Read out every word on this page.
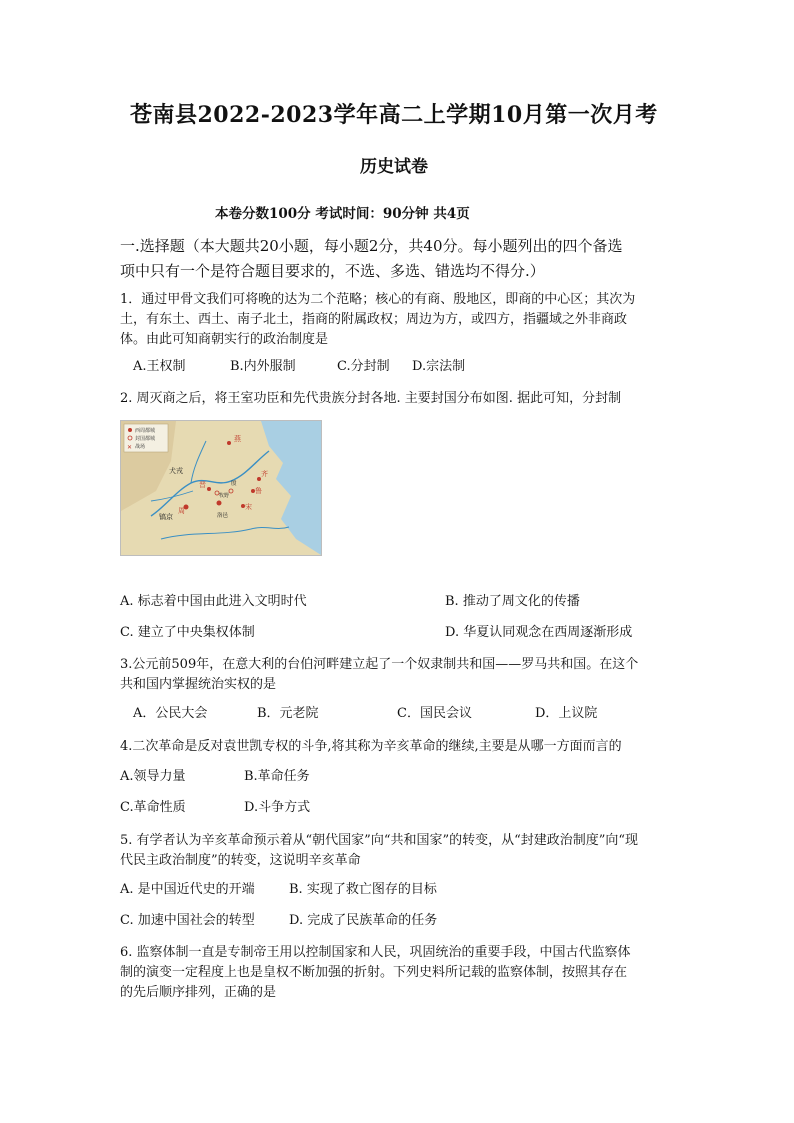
苍南县2022-2023学年高二上学期10月第一次月考
历史试卷
本卷分数100分 考试时间：90分钟 共4页
一.选择题（本大题共20小题，每小题2分，共40分。每小题列出的四个备选
项中只有一个是符合题目要求的，不选、多选、错选均不得分.）
1．通过甲骨文我们可将晚的达为二个范略；核心的有商、殷地区，即商的中心区；其次为
土，有东土、西土、南子北土，指商的附属政权；周边为方，或四方，指疆域之外非商政
体。由此可知商朝实行的政治制度是
A.王权制	B.内外服制	C.分封制 D.宗法制
2. 周灭商之后，将王室功臣和先代贵族分封各地. 主要封国分布如图. 据此可知，分封制
✕
西周都城
封国都城
战场
犬戎
燕
殷
齐
鲁
宋
晋
镐京	洛邑
周
牧野
A. 标志着中国由此进入文明时代	B. 推动了周文化的传播
C. 建立了中央集权体制	D. 华夏认同观念在西周逐渐形成
3.公元前509年，在意大利的台伯河畔建立起了一个奴隶制共和国——罗马共和国。在这个
共和国内掌握统治实权的是
A．公民大会	B．元老院	C．国民会议	D．上议院
4.二次革命是反对袁世凯专权的斗争,将其称为辛亥革命的继续,主要是从哪一方面而言的
A.领导力量	B.革命任务
C.革命性质	D.斗争方式
5. 有学者认为辛亥革命预示着从“朝代国家”向“共和国家”的转变，从“封建政治制度”向“现
代民主政治制度”的转变，这说明辛亥革命
A. 是中国近代史的开端	B. 实现了救亡图存的目标
C. 加速中国社会的转型	D. 完成了民族革命的任务
6. 监察体制一直是专制帝王用以控制国家和人民，巩固统治的重要手段，中国古代监察体
制的演变一定程度上也是皇权不断加强的折射。下列史料所记载的监察体制，按照其存在
的先后顺序排列，正确的是
